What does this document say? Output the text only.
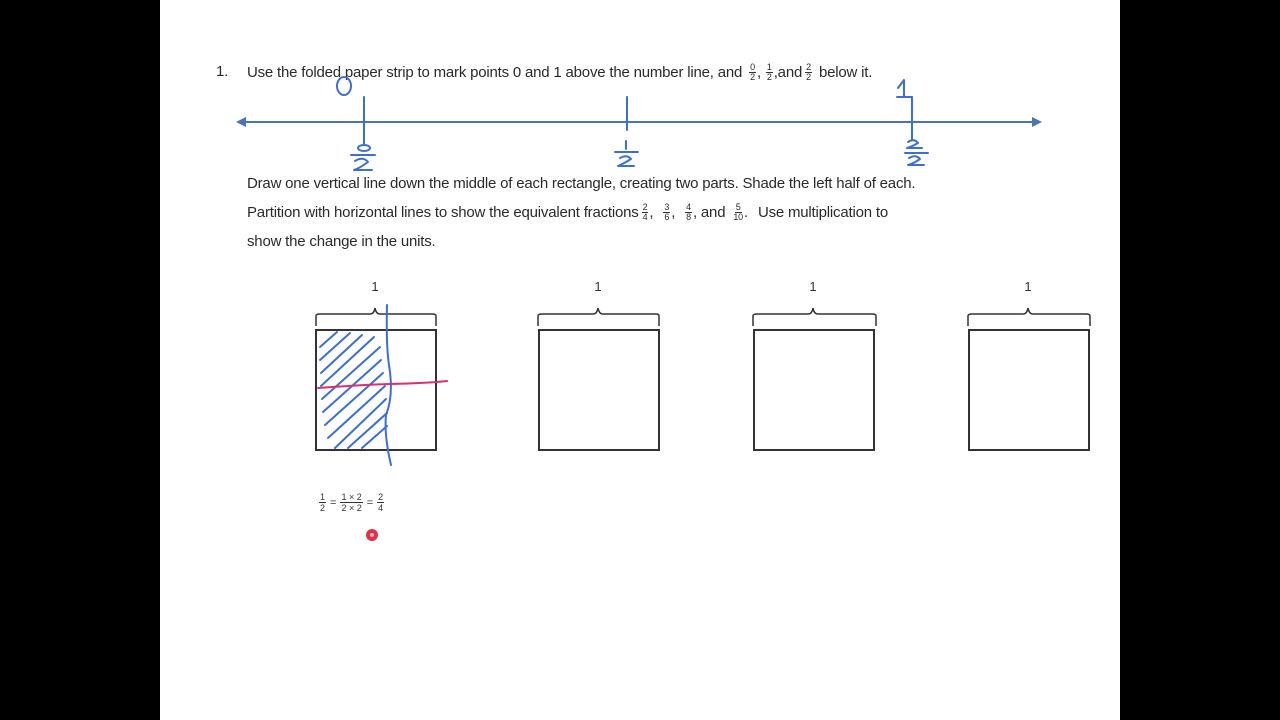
1. Use the folded paper strip to mark points 0 and 1 above the number line, and $\frac{0}{2}$ , $\frac{1}{2} ,and \frac{2}{2}$ below it.
Draw one vertical line down the middle of each rectangle, creating two parts. Shade the left half of each.
Partition with horizontal lines to show the equivalent fractions $\frac{2}{4}$ , $\frac{3}{6}$ , $\frac{4}{8}$ , and $\frac{5}{10}$ . Use multiplication to
show the change in the units.
1	1	1	1
$\frac{1}{2} = \frac{1 \times 2}{2 \times 2} = \frac{2}{4}$
